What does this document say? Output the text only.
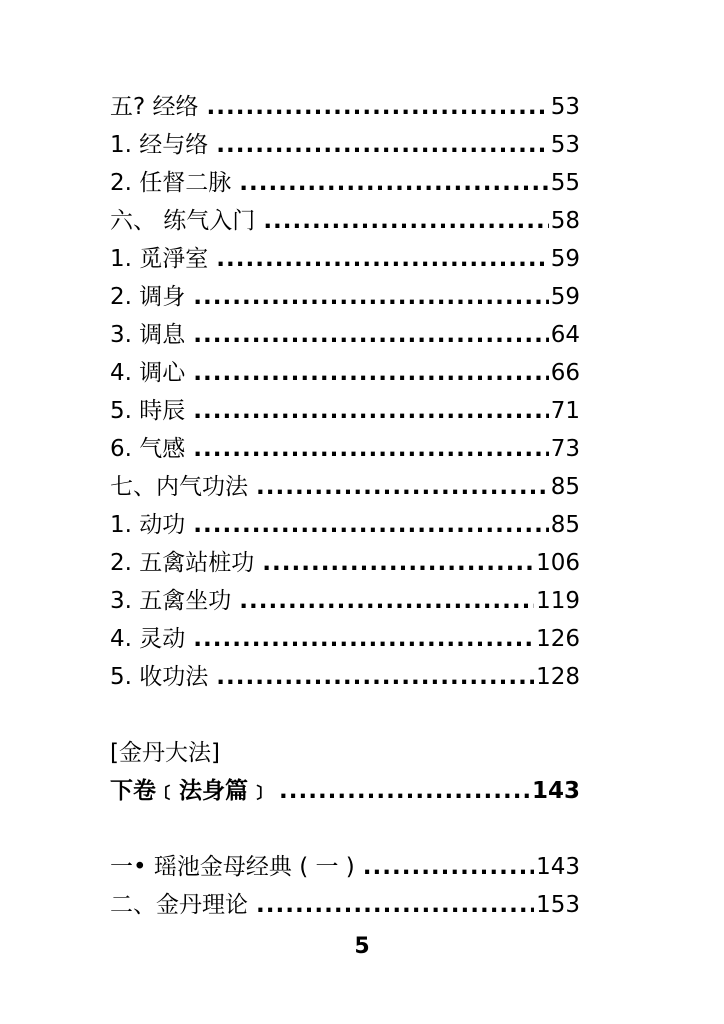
五? 经络 .....	53
1. 经与络 .....	53
2. 任督二脉 .....	55
六、 练气入门 .....	58
1. 觅淨室 .....	59
2. 调身 .....	59
3. 调息 .....	64
4. 调心 .....	66
5. 時辰 .....	71
6. 气感 .....	73
七、内气功法 .....	85
1. 动功 .....	85
2. 五禽站桩功 .....	106
3. 五禽坐功 .....	119
4. 灵动 .....	126
5. 收功法 .....	128
[金丹大法]
下卷﹝法身篇﹞ .....	143
一• 瑶池金母经典 ( 一 ) .....	143
二、金丹理论 .....	153
5
